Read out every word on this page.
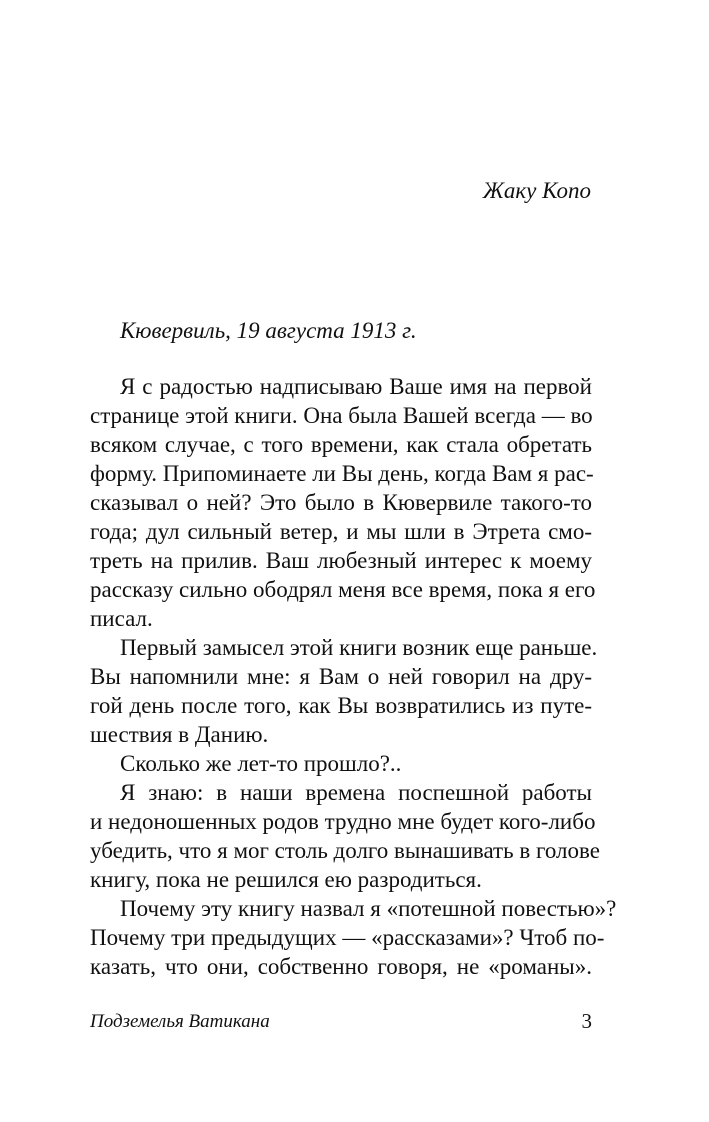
Жаку Копо

Кювервиль, 19 августа 1913 г.

Я с радостью надписываю Ваше имя на первой

странице этой книги. Она была Вашей всегда — во

всяком случае, с того времени, как стала обретать

форму. Припоминаете ли Вы день, когда Вам я рас-

сказывал о ней? Это было в Кювервиле такого-то

года; дул сильный ветер, и мы шли в Этрета смо-

треть на прилив. Ваш любезный интерес к моему

рассказу сильно ободрял меня все время, пока я его

писал.

Первый замысел этой книги возник еще раньше.

Вы напомнили мне: я Вам о ней говорил на дру-

гой день после того, как Вы возвратились из путе-

шествия в Данию.

Сколько же лет-то прошло?..

Я знаю: в наши времена поспешной работы

и недоношенных родов трудно мне будет кого-либо

убедить, что я мог столь долго вынашивать в голове

книгу, пока не решился ею разродиться.

Почему эту книгу назвал я «потешной повестью»?

Почему три предыдущих — «рассказами»? Чтоб по-

казать, что они, собственно говоря, не «романы».

Подземелья Ватикана	3
